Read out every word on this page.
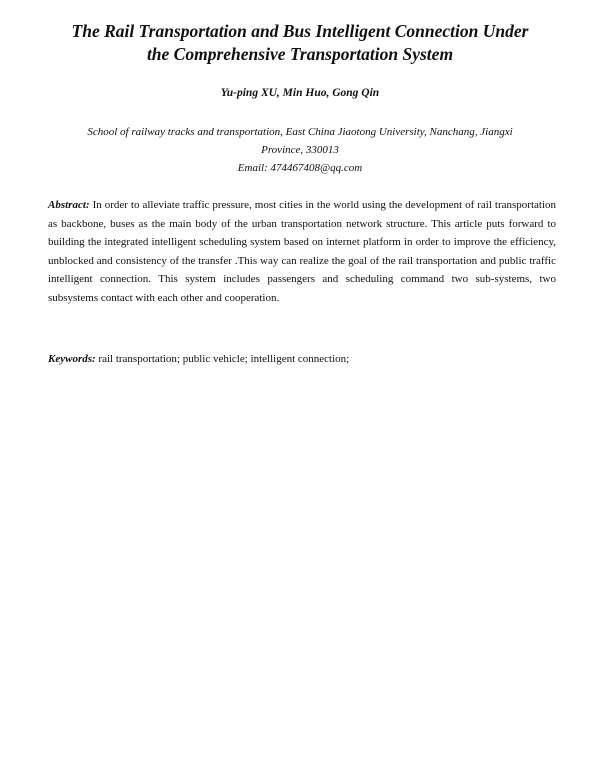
The Rail Transportation and Bus Intelligent Connection Under
the Comprehensive Transportation System
Yu-ping XU, Min Huo, Gong Qin
School of railway tracks and transportation, East China Jiaotong University, Nanchang, Jiangxi
Province, 330013
Email: 474467408@qq.com

Abstract: In order to alleviate traffic pressure, most cities in the world using the development of rail transportation as backbone, buses as the main body of the urban transportation network structure. This article puts forward to building the integrated intelligent scheduling system based on internet platform in order to improve the efficiency, unblocked and consistency of the transfer .This way can realize the goal of the rail transportation and public traffic intelligent connection. This system includes passengers and scheduling command two sub-systems, two subsystems contact with each other and cooperation.

Keywords: rail transportation; public vehicle; intelligent connection;
